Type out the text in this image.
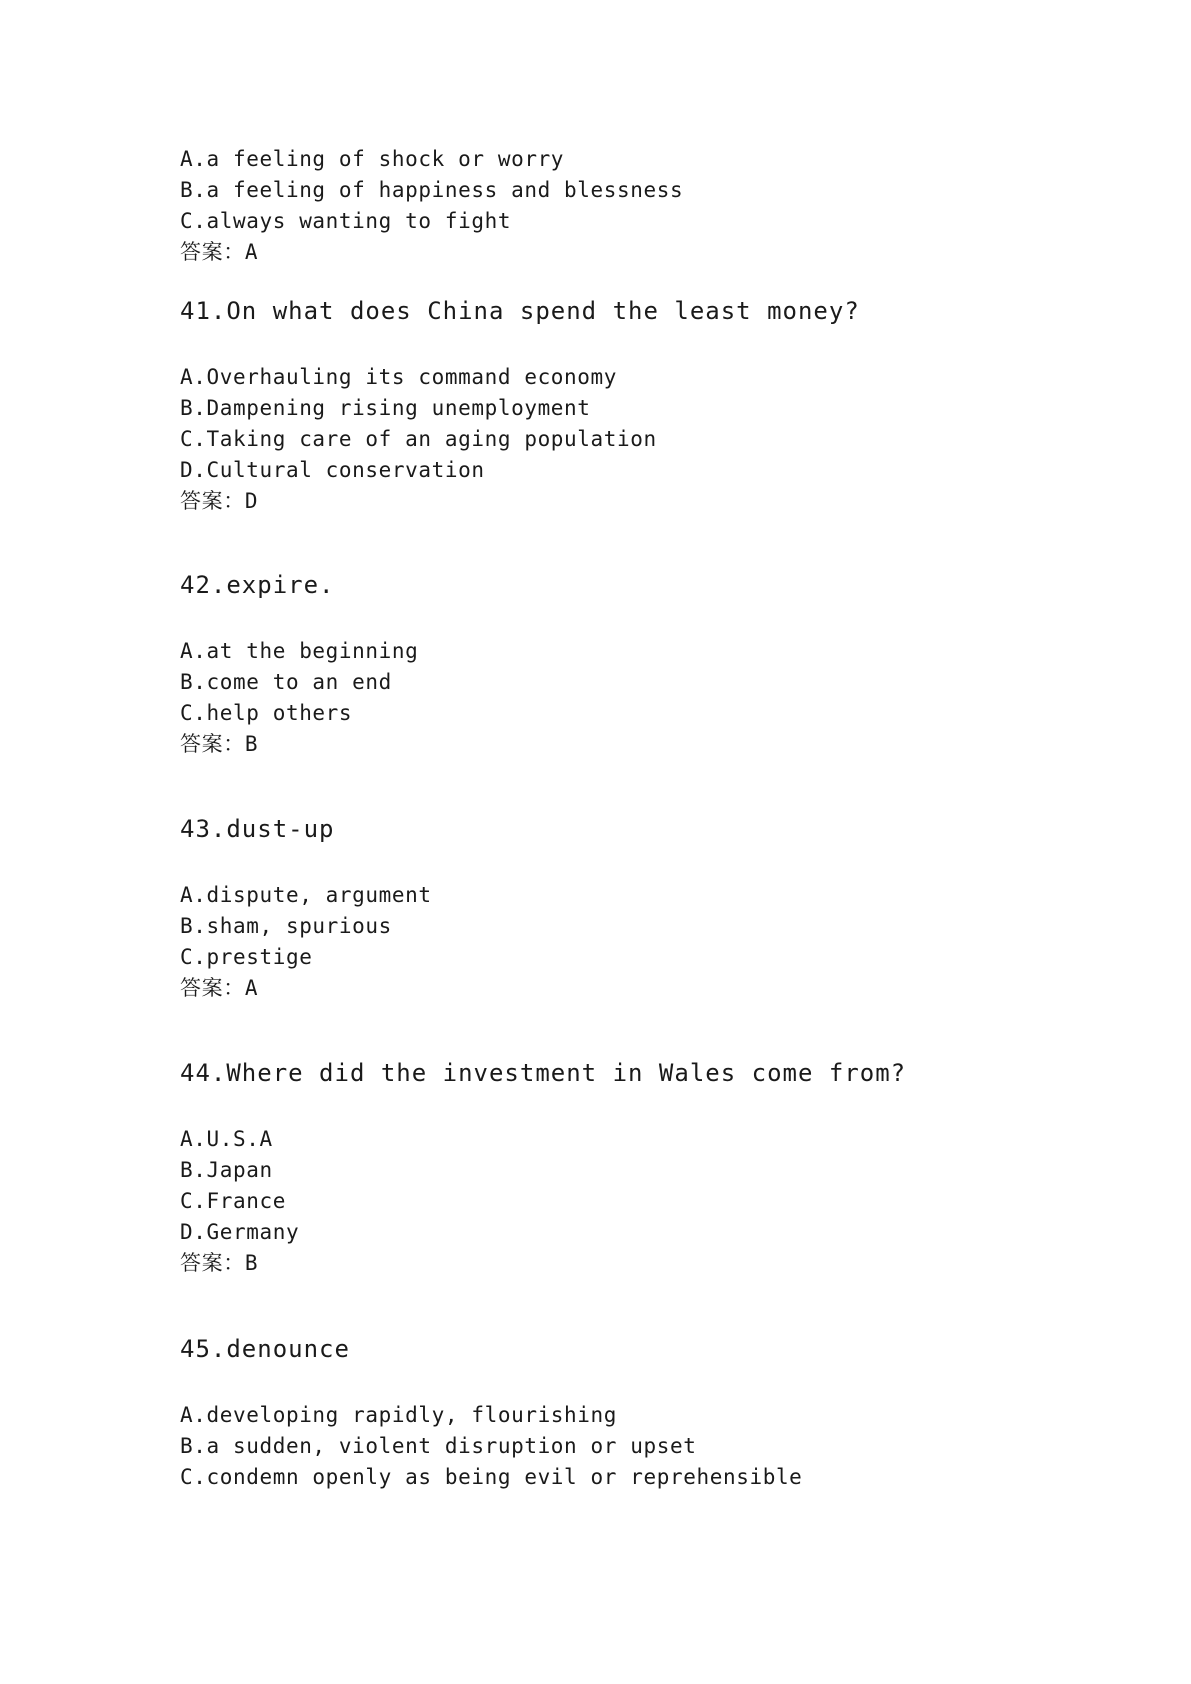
A.a feeling of shock or worry
B.a feeling of happiness and blessness
C.always wanting to fight
答案：A
41.On what does China spend the least money?
A.Overhauling its command economy
B.Dampening rising unemployment
C.Taking care of an aging population
D.Cultural conservation
答案：D
42.expire.
A.at the beginning
B.come to an end
C.help others
答案：B
43.dust-up
A.dispute, argument
B.sham, spurious
C.prestige
答案：A
44.Where did the investment in Wales come from?
A.U.S.A
B.Japan
C.France
D.Germany
答案：B
45.denounce
A.developing rapidly, flourishing
B.a sudden, violent disruption or upset
C.condemn openly as being evil or reprehensible
